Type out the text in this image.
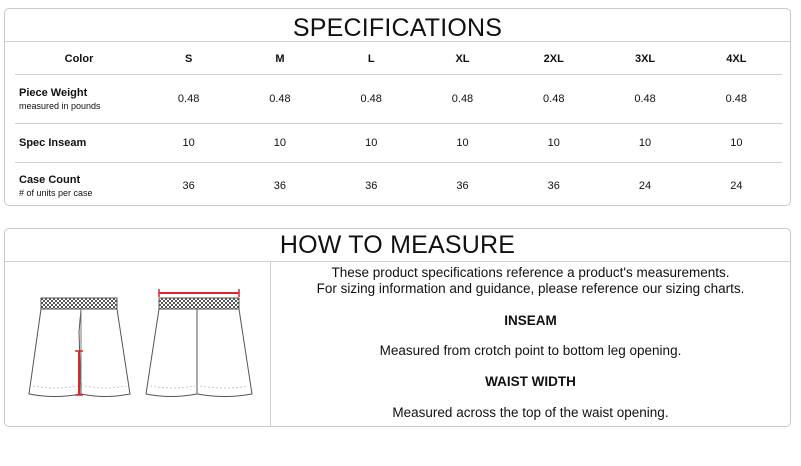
SPECIFICATIONS
Color	S	M	L	XL	2XL	3XL	4XL

Piece Weight
measured in pounds	0.48	0.48	0.48	0.48	0.48	0.48	0.48

Spec Inseam	10	10	10	10	10	10	10

Case Count
# of units per case	36	36	36	36	36	24	24
HOW TO MEASURE
These product specifications reference a product's measurements.
For sizing information and guidance, please reference our sizing charts.
INSEAM
Measured from crotch point to bottom leg opening.
WAIST WIDTH
Measured across the top of the waist opening.
